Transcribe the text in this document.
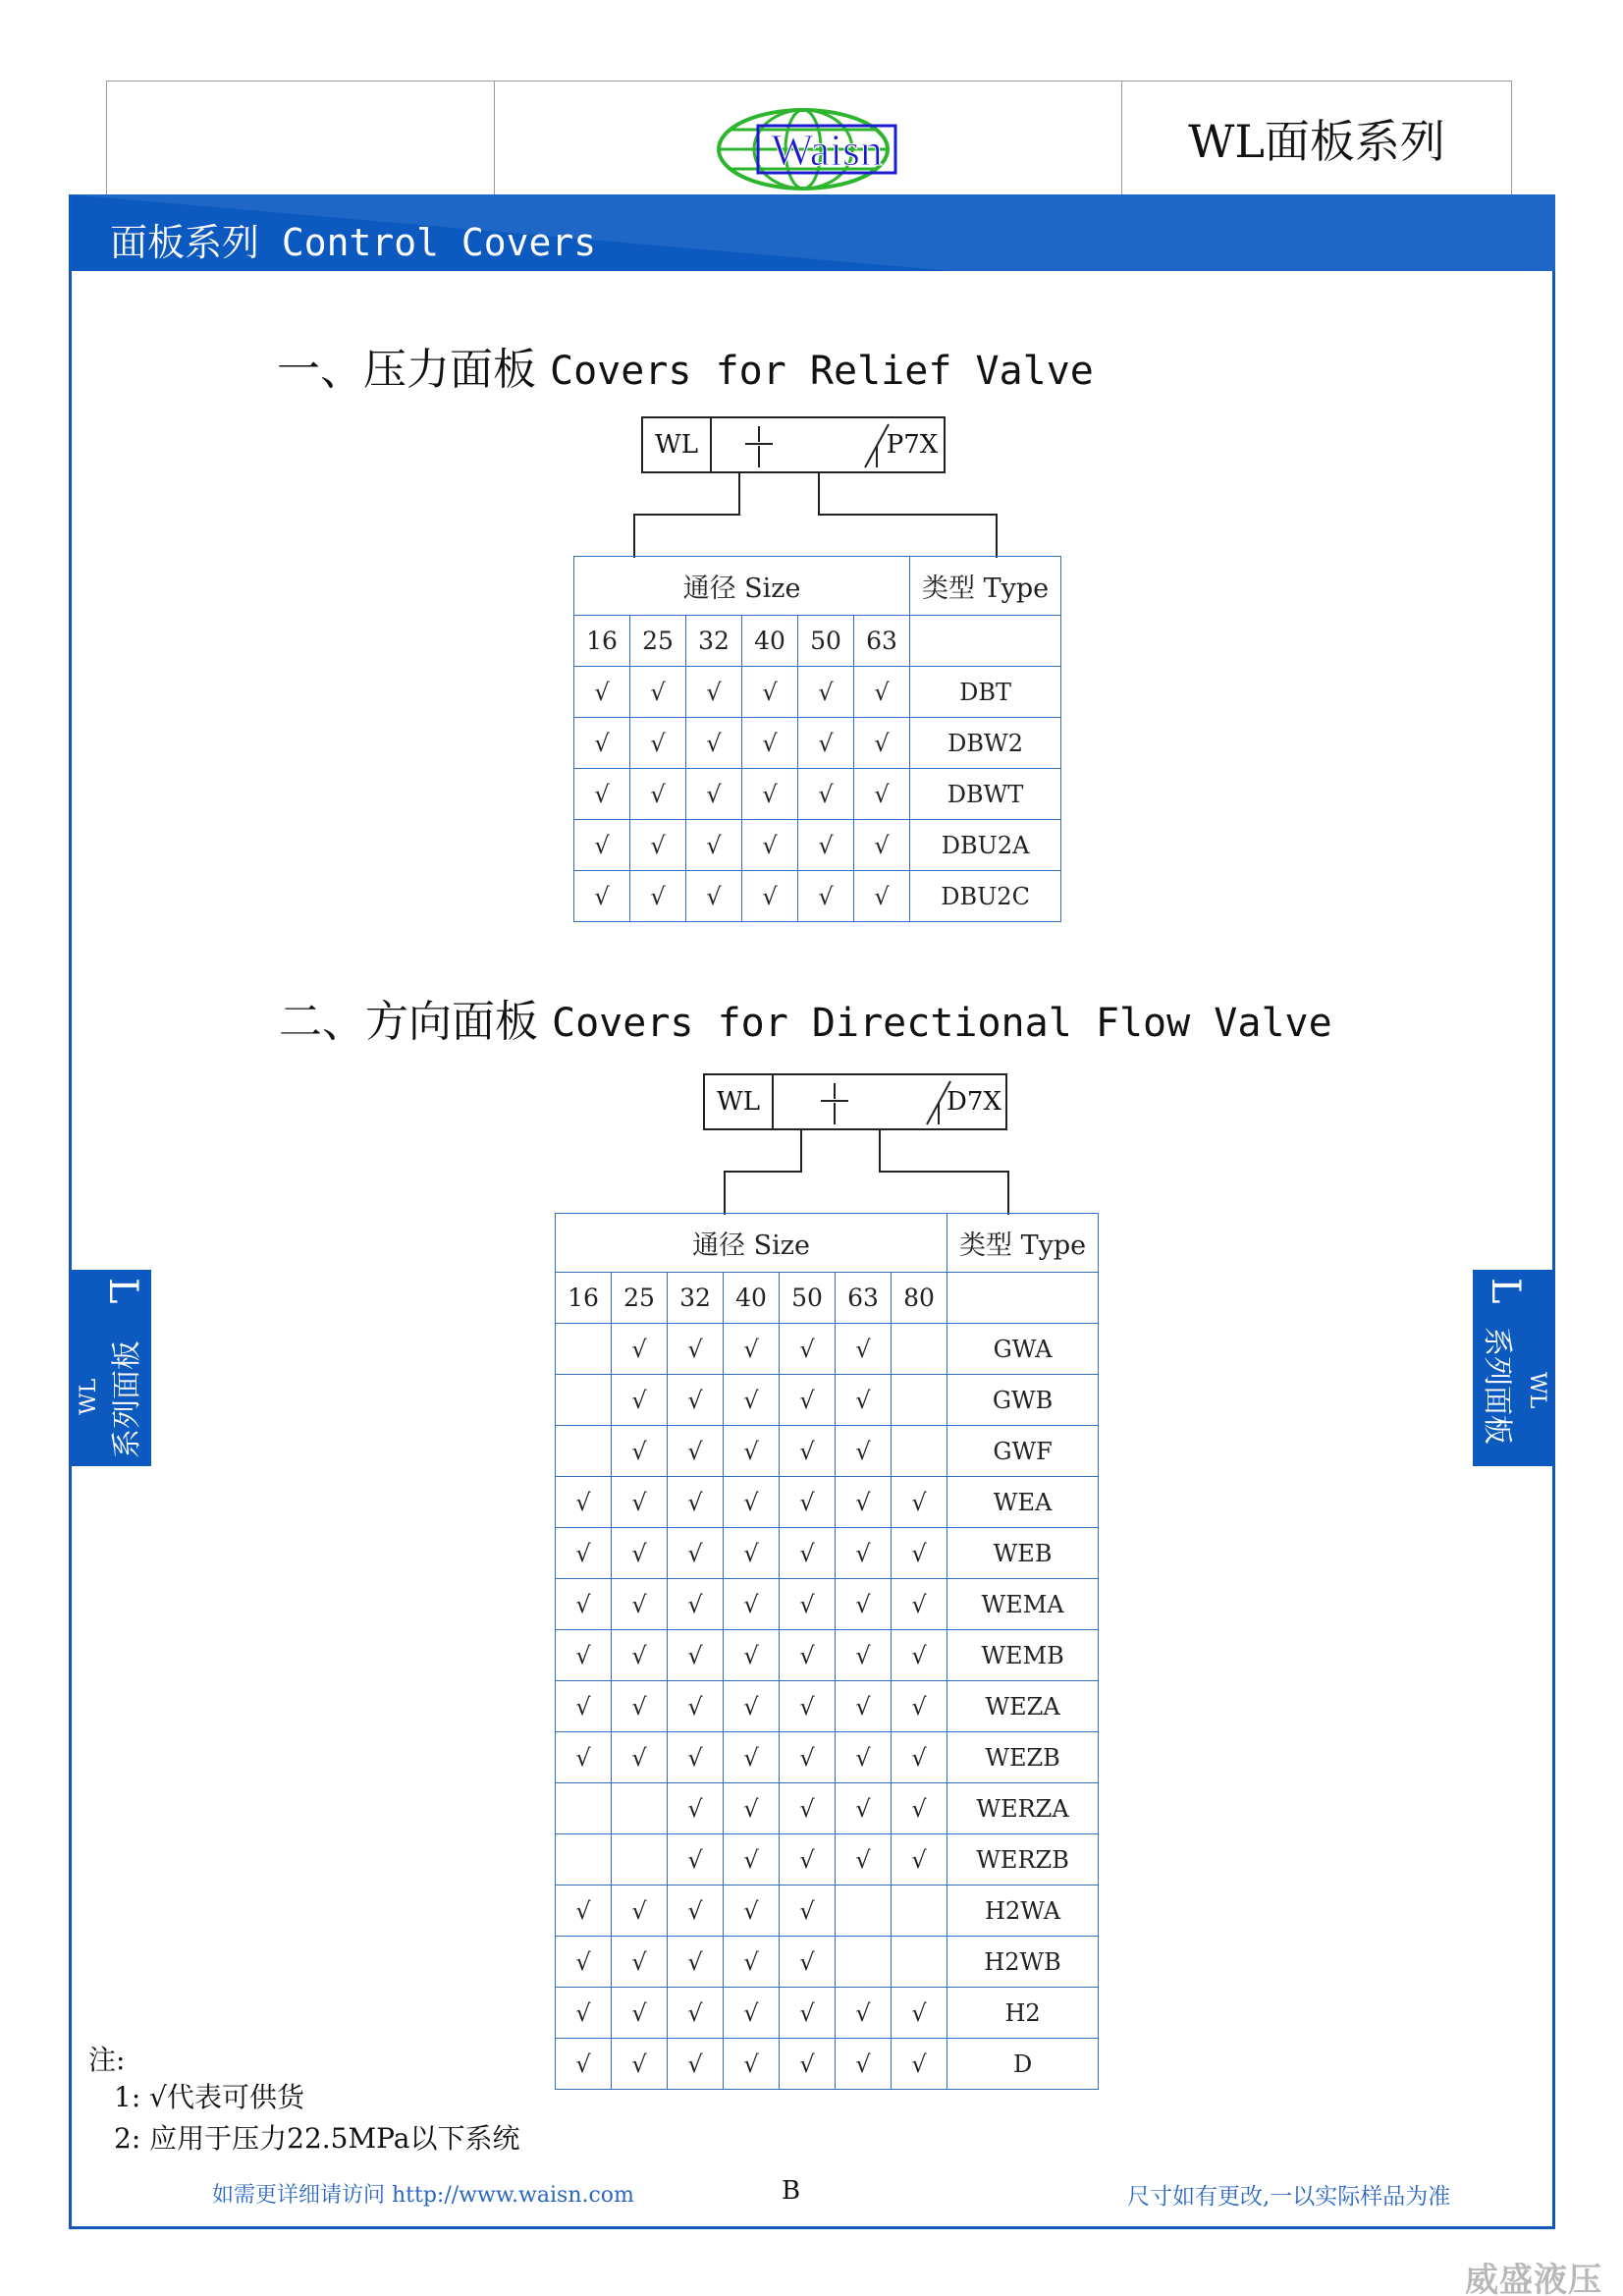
Waisn	WL面板系列
面板系列 Control Covers
一、压力面板 Covers for Relief Valve
WL	P7X
通径 Size						类型 Type
16	25	32	40	50	63	
√	√	√	√	√	√	DBT
√	√	√	√	√	√	DBW2
√	√	√	√	√	√	DBWT
√	√	√	√	√	√	DBU2A
√	√	√	√	√	√	DBU2C
二、方向面板 Covers for Directional Flow Valve
WL	D7X
通径 Size							类型 Type
16	25	32	40	50	63	80	
	√	√	√	√	√		GWA
	√	√	√	√	√		GWB
	√	√	√	√	√		GWF
√	√	√	√	√	√	√	WEA
√	√	√	√	√	√	√	WEB
√	√	√	√	√	√	√	WEMA
√	√	√	√	√	√	√	WEMB
√	√	√	√	√	√	√	WEZA
√	√	√	√	√	√	√	WEZB
		√	√	√	√	√	WERZA
		√	√	√	√	√	WERZB
√	√	√	√	√			H2WA
√	√	√	√	√			H2WB
√	√	√	√	√	√	√	H2
√	√	√	√	√	√	√	D
L
WL 系列面板
L
系列面板 WL
注:
1: √代表可供货
2: 应用于压力22.5MPa以下系统
如需更详细请访问 http://www.waisn.com	B	尺寸如有更改,一以实际样品为准
威盛液压
